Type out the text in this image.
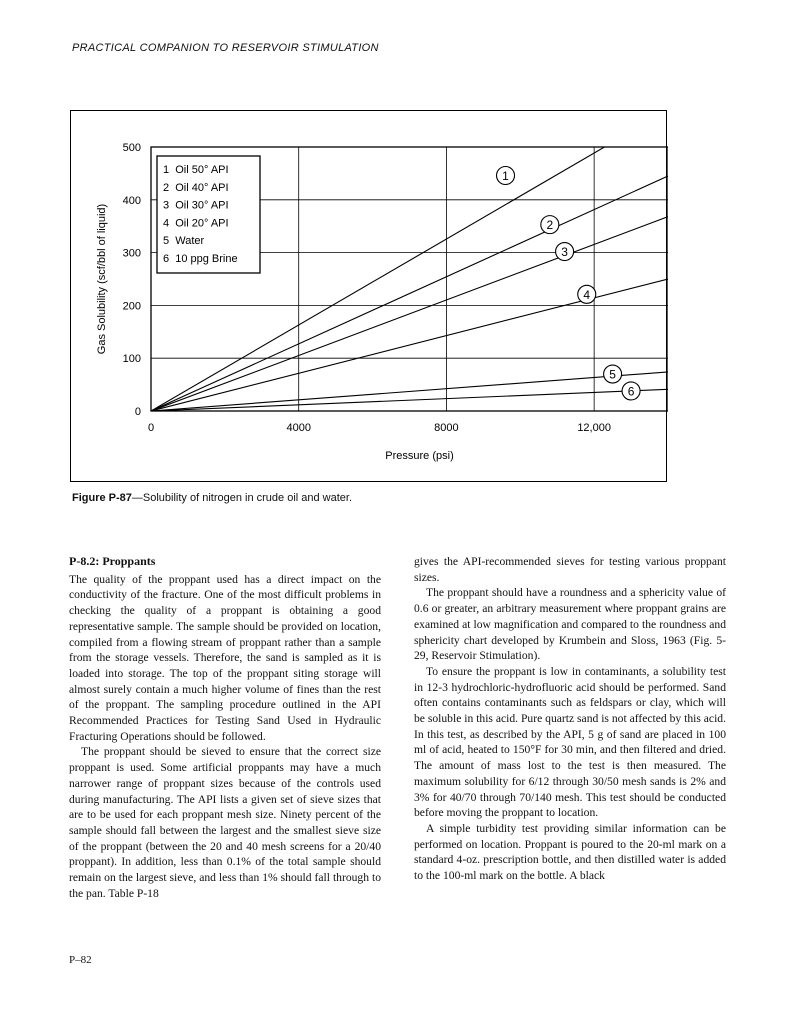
PRACTICAL COMPANION TO RESERVOIR STIMULATION
0
100
200
300
400
500
0	4000	8000	12,000
Pressure (psi)
Gas Solubility (scf/bbl of liquid)
1  Oil 50° API
2  Oil 40° API
3  Oil 30° API
4  Oil 20° API
5  Water
6  10 ppg Brine
1
2
3
4
5
6
Figure P-87—Solubility of nitrogen in crude oil and water.
P-8.2: Proppants

The quality of the proppant used has a direct impact on the conductivity of the fracture. One of the most difficult problems in checking the quality of a proppant is obtaining a good representative sample. The sample should be provided on location, compiled from a flowing stream of proppant rather than a sample from the storage vessels. Therefore, the sand is sampled as it is loaded into storage. The top of the proppant siting storage will almost surely contain a much higher volume of fines than the rest of the proppant. The sampling procedure outlined in the API Recommended Practices for Testing Sand Used in Hydraulic Fracturing Operations should be followed.

The proppant should be sieved to ensure that the correct size proppant is used. Some artificial proppants may have a much narrower range of proppant sizes because of the controls used during manufacturing. The API lists a given set of sieve sizes that are to be used for each proppant mesh size. Ninety percent of the sample should fall between the largest and the smallest sieve size of the proppant (between the 20 and 40 mesh screens for a 20/40 proppant). In addition, less than 0.1% of the total sample should remain on the largest sieve, and less than 1% should fall through to the pan. Table P-18

gives the API-recommended sieves for testing various proppant sizes.

The proppant should have a roundness and a sphericity value of 0.6 or greater, an arbitrary measurement where proppant grains are examined at low magnification and compared to the roundness and sphericity chart developed by Krumbein and Sloss, 1963 (Fig. 5-29, Reservoir Stimulation).

To ensure the proppant is low in contaminants, a solubility test in 12-3 hydrochloric-hydrofluoric acid should be performed. Sand often contains contaminants such as feldspars or clay, which will be soluble in this acid. Pure quartz sand is not affected by this acid. In this test, as described by the API, 5 g of sand are placed in 100 ml of acid, heated to 150°F for 30 min, and then filtered and dried. The amount of mass lost to the test is then measured. The maximum solubility for 6/12 through 30/50 mesh sands is 2% and 3% for 40/70 through 70/140 mesh. This test should be conducted before moving the proppant to location.

A simple turbidity test providing similar information can be performed on location. Proppant is poured to the 20-ml mark on a standard 4-oz. prescription bottle, and then distilled water is added to the 100-ml mark on the bottle. A black

P–82
